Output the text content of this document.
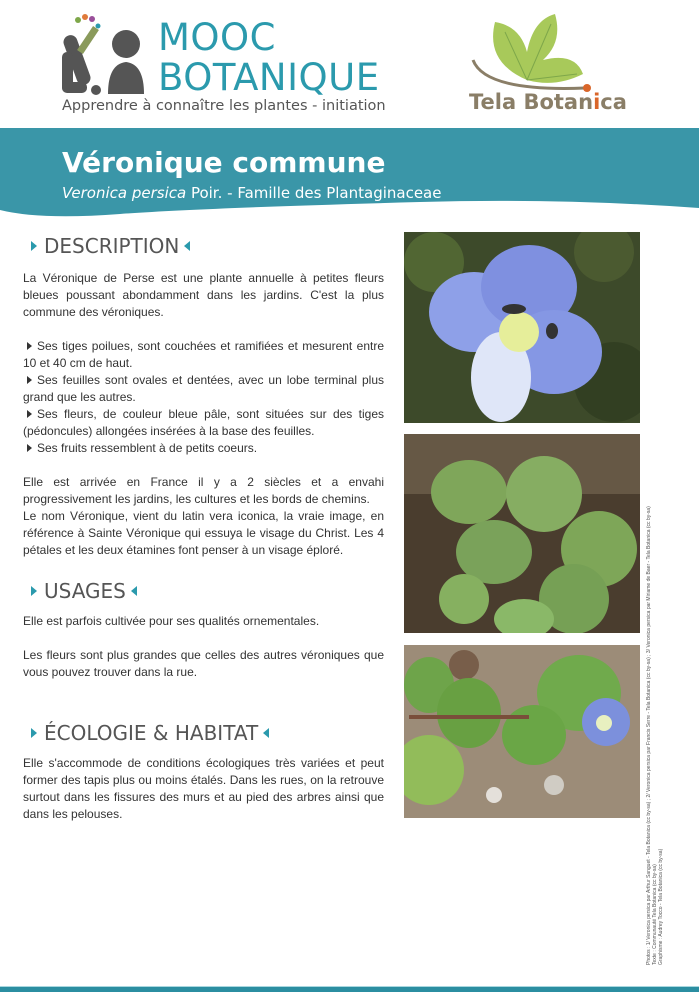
MOOC
BOTANIQUE
Apprendre à connaître les plantes - initiation	Tela Botanica
Véronique commune
Veronica persica Poir. - Famille des Plantaginaceae
DESCRIPTION

La Véronique de Perse est une plante annuelle à petites fleurs bleues poussant abondamment dans les jardins. C'est la plus commune des véroniques.

Ses tiges poilues, sont couchées et ramifiées et mesurent entre 10 et 40 cm de haut.

Ses feuilles sont ovales et dentées, avec un lobe terminal plus grand que les autres.

Ses fleurs, de couleur bleue pâle, sont situées sur des tiges (pédoncules) allongées insérées à la base des feuilles.

Ses fruits ressemblent à de petits coeurs.

Elle est arrivée en France il y a 2 siècles et a envahi progressivement les jardins, les cultures et les bords de chemins.

Le nom Véronique, vient du latin vera iconica, la vraie image, en référence à Sainte Véronique qui essuya le visage du Christ. Les 4 pétales et les deux étamines font penser à un visage éploré.

USAGES

Elle est parfois cultivée pour ses qualités ornementales.

Les fleurs sont plus grandes que celles des autres véroniques que vous pouvez trouver dans la rue.

ÉCOLOGIE & HABITAT

Elle s'accommode de conditions écologiques très variées et peut former des tapis plus ou moins étalés. Dans les rues, on la retrouve surtout dans les fissures des murs et au pied des arbres ainsi que dans les pelouses.	Photos : 1/ Veronica persica par Arthur Sanguet - Tela Botanica (cc by-sa) ; 2/ Veronica persica par Francis Serre - Tela Botanica (cc by-sa) ; 3/ Veronica persica par Miriame de Baer - Tela Botanica (cc by-sa) Texte : Communauté Tela Botanica (cc by-sa) Graphisme : Audrey Tocco - Tela Botanica (cc by-sa)
